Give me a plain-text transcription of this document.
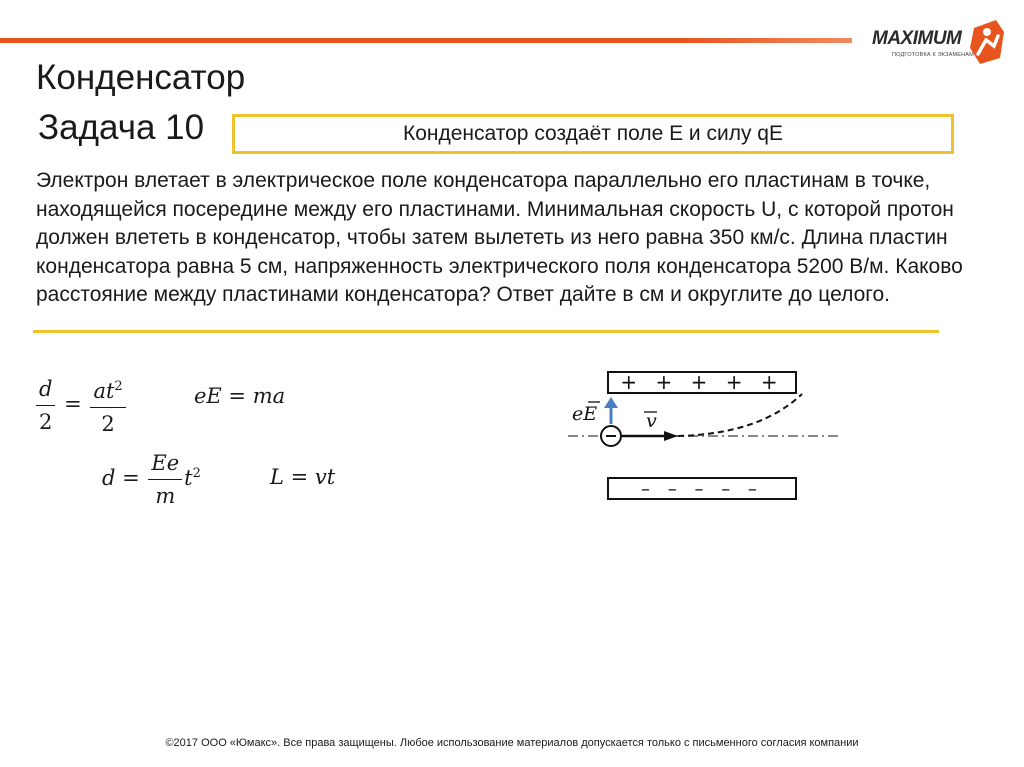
MAXIMUM
ПОДГОТОВКА К ЭКЗАМЕНАМ
Конденсатор
Задача 10	Конденсатор создаёт поле E и силу qE
Электрон влетает в электрическое поле конденсатора параллельно его пластинам в точке, находящейся посередине между его пластинами. Минимальная скорость U, с которой протон должен влететь в конденсатор, чтобы затем вылететь из него равна 350 км/с. Длина пластин конденсатора равна 5 см, напряженность электрического поля конденсатора 5200 В/м. Каково расстояние между пластинами конденсатора? Ответ дайте в см и округлите до целого.
$\frac{d}{2} = \frac{at^2}{2}$	eE = ma
$d = \frac{Ee}{m} t^2$	L = vt
+ + + + +
– – – – –
eE	v
©2017 ООО «Юмакс». Все права защищены. Любое использование материалов допускается только с письменного согласия компании
